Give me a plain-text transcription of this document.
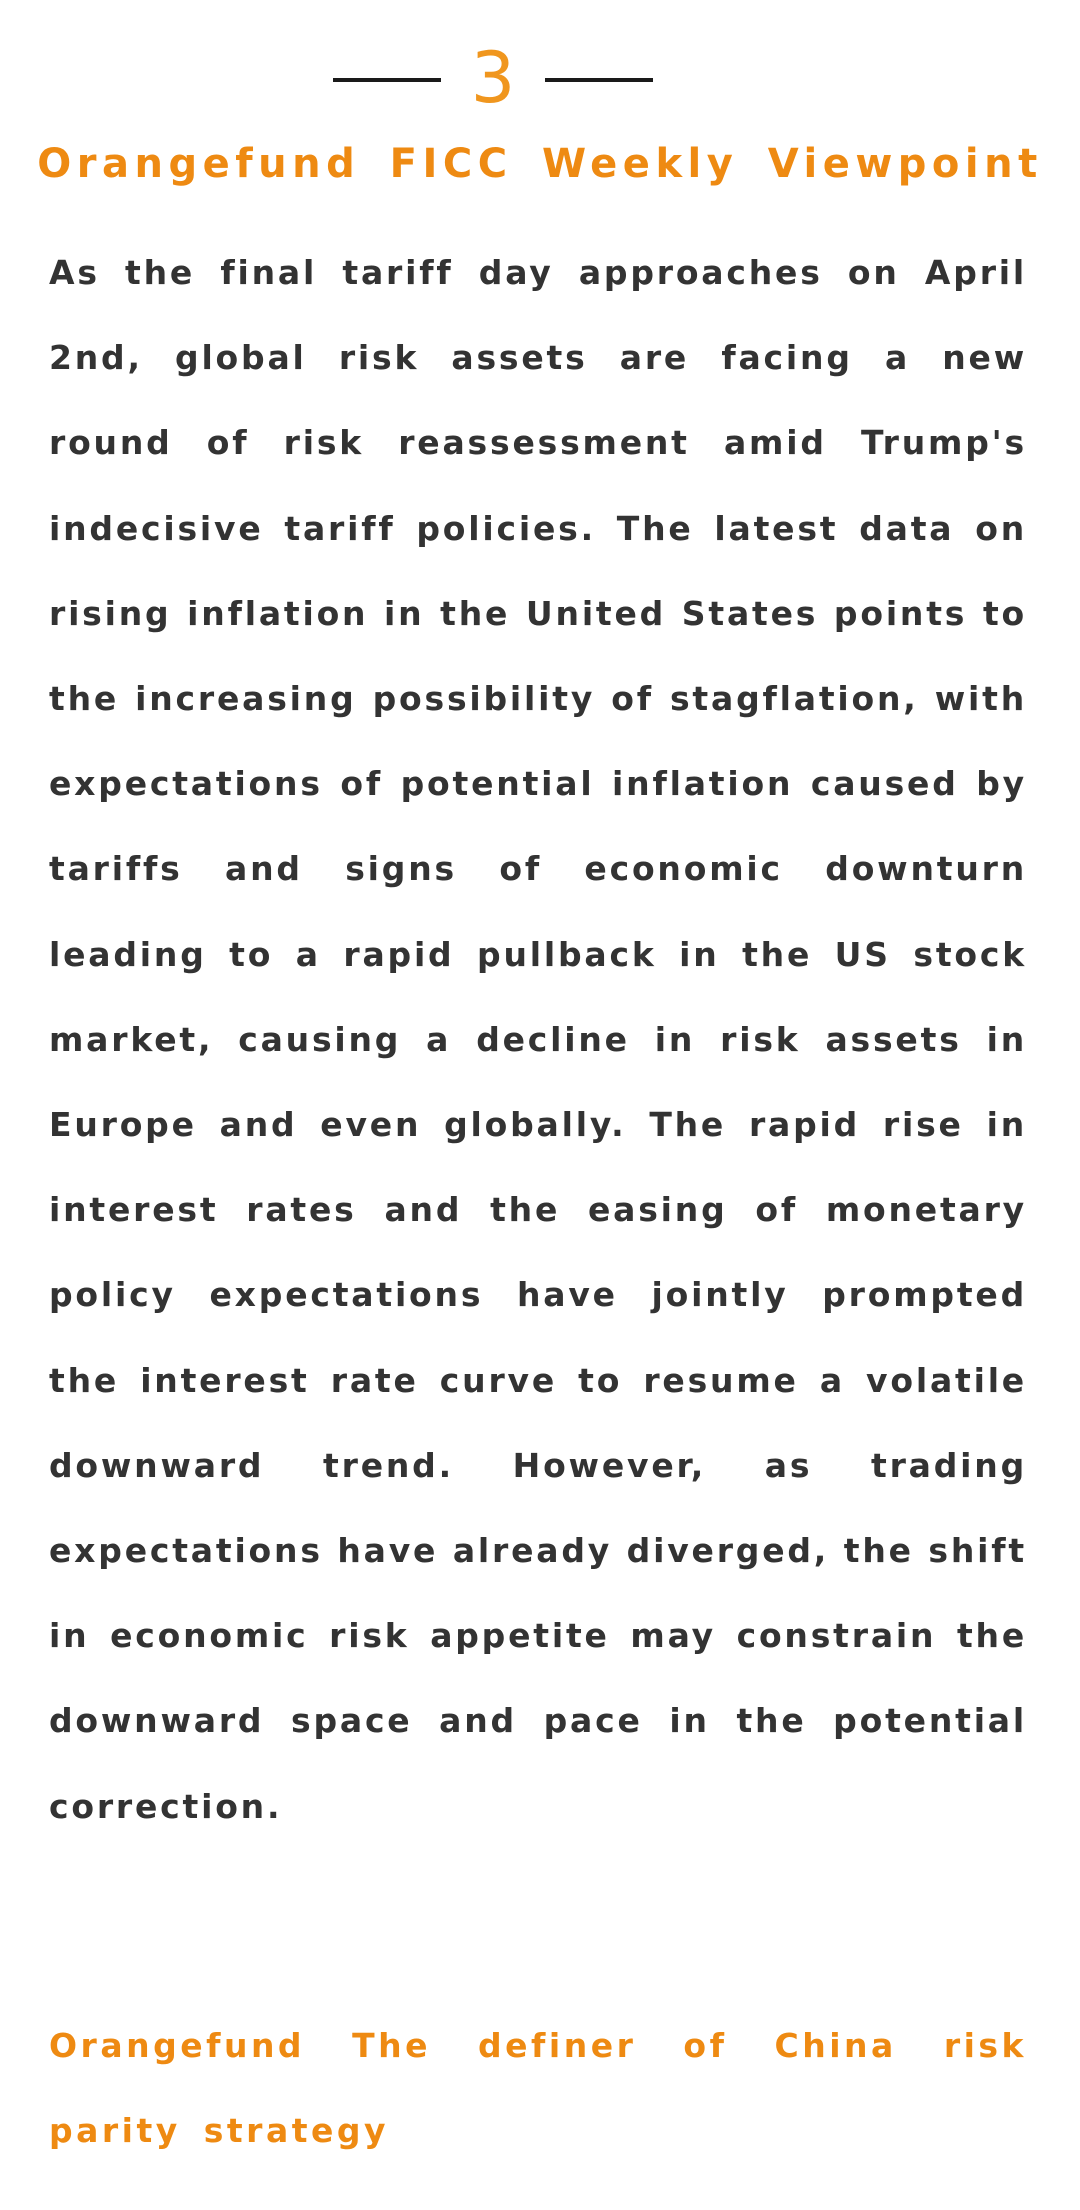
3
Orangefund FICC Weekly Viewpoint

As the final tariff day approaches on April 2nd, global risk assets are facing a new round of risk reassessment amid Trump's indecisive tariff policies. The latest data on rising inflation in the United States points to the increasing possibility of stagflation, with expectations of potential inflation caused by tariffs and signs of economic downturn leading to a rapid pullback in the US stock market, causing a decline in risk assets in Europe and even globally. The rapid rise in interest rates and the easing of monetary policy expectations have jointly prompted the interest rate curve to resume a volatile downward trend. However, as trading expectations have already diverged, the shift in economic risk appetite may constrain the downward space and pace in the potential correction.

Orangefund The definer of China risk parity strategy
